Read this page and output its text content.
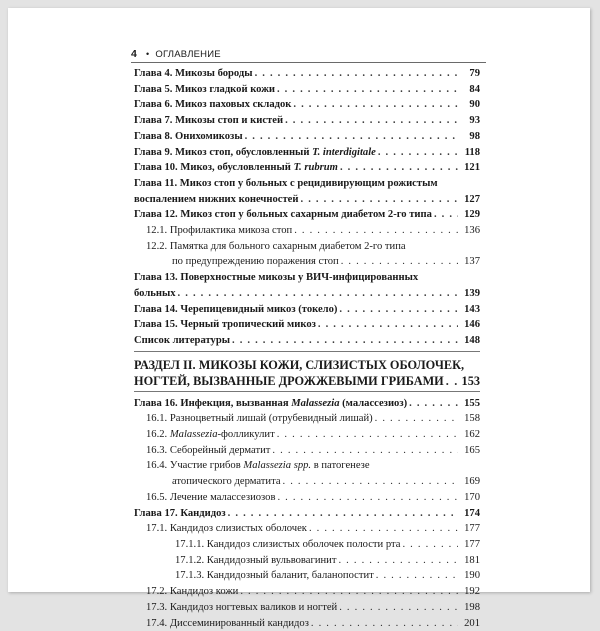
4 • ОГЛАВЛЕНИЕ
Глава 4. Микозы бороды . . .	79
Глава 5. Микоз гладкой кожи . . .	84
Глава 6. Микоз паховых складок . . .	90
Глава 7. Микозы стоп и кистей . . .	93
Глава 8. Онихомикозы . . .	98
Глава 9. Микоз стоп, обусловленный T. interdigitale . . .	118
Глава 10. Микоз, обусловленный T. rubrum . . .	121
Глава 11. Микоз стоп у больных с рецидивирующим рожистым
воспалением нижних конечностей . . .	127
Глава 12. Микоз стоп у больных сахарным диабетом 2-го типа . . .	129
12.1. Профилактика микоза стоп . . .	136
12.2. Памятка для больного сахарным диабетом 2-го типа
по предупреждению поражения стоп . . .	137
Глава 13. Поверхностные микозы у ВИЧ-инфицированных
больных . . .	139
Глава 14. Черепицевидный микоз (токело) . . .	143
Глава 15. Черный тропический микоз . . .	146
Список литературы . . .	148
РАЗДЕЛ II. МИКОЗЫ КОЖИ, СЛИЗИСТЫХ ОБОЛОЧЕК,
НОГТЕЙ, ВЫЗВАННЫЕ ДРОЖЖЕВЫМИ ГРИБАМИ . . . 153
Глава 16. Инфекция, вызванная Malassezia (малассезиоз) . . .	155
16.1. Разноцветный лишай (отрубевидный лишай) . . .	158
16.2. Malassezia-фолликулит . . .	162
16.3. Себорейный дерматит . . .	165
16.4. Участие грибов Malassezia spp. в патогенезе
атопического дерматита . . .	169
16.5. Лечение малассезиозов . . .	170
Глава 17. Кандидоз . . .	174
17.1. Кандидоз слизистых оболочек . . .	177
17.1.1. Кандидоз слизистых оболочек полости рта . . .	177
17.1.2. Кандидозный вульвовагинит . . .	181
17.1.3. Кандидозный баланит, баланопостит . . .	190
17.2. Кандидоз кожи . . .	192
17.3. Кандидоз ногтевых валиков и ногтей . . .	198
17.4. Диссеминированный кандидоз . . .	201
